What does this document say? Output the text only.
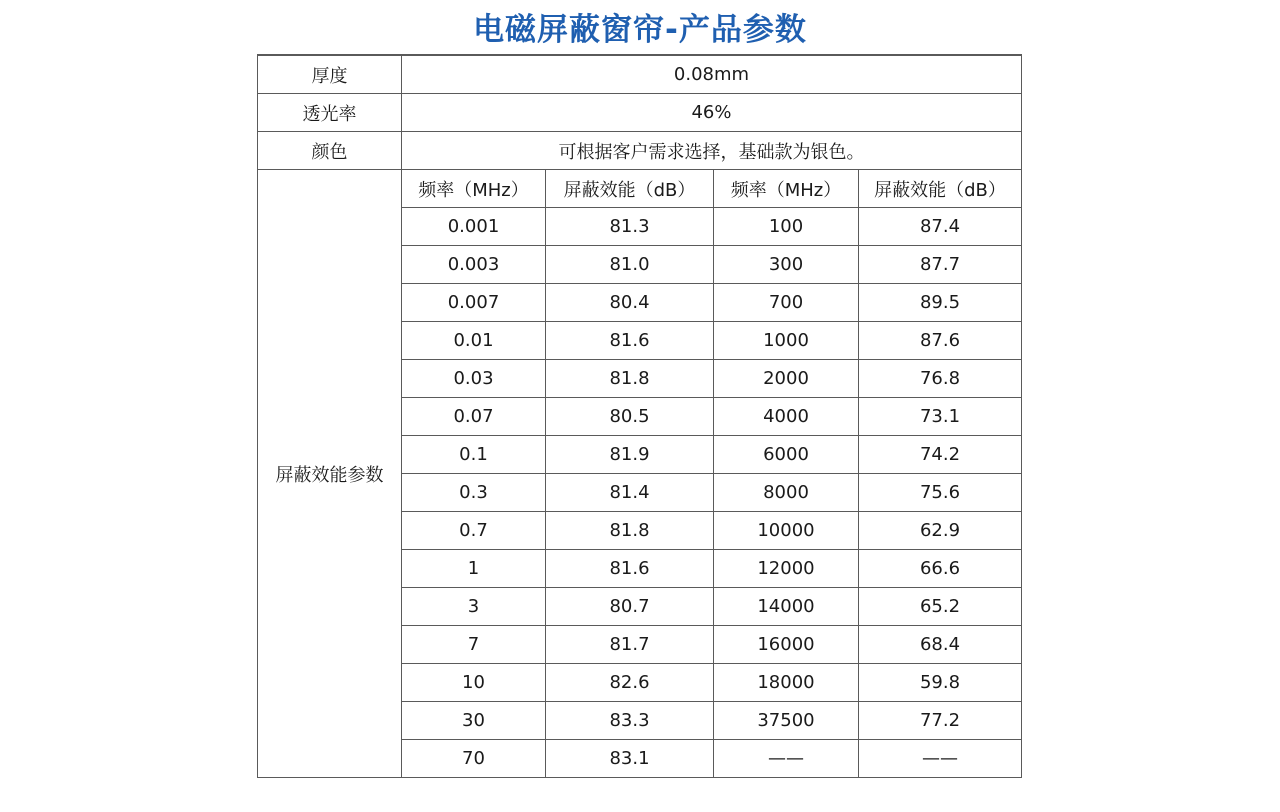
电磁屏蔽窗帘-产品参数
厚度	0.08mm			
透光率	46%			
颜色	可根据客户需求选择，基础款为银色。			
屏蔽效能参数	频率（MHz）	屏蔽效能（dB）	频率（MHz）	屏蔽效能（dB）
	0.001	81.3	100	87.4
	0.003	81.0	300	87.7
	0.007	80.4	700	89.5
	0.01	81.6	1000	87.6
	0.03	81.8	2000	76.8
	0.07	80.5	4000	73.1
	0.1	81.9	6000	74.2
	0.3	81.4	8000	75.6
	0.7	81.8	10000	62.9
	1	81.6	12000	66.6
	3	80.7	14000	65.2
	7	81.7	16000	68.4
	10	82.6	18000	59.8
	30	83.3	37500	77.2
	70	83.1	——	——
